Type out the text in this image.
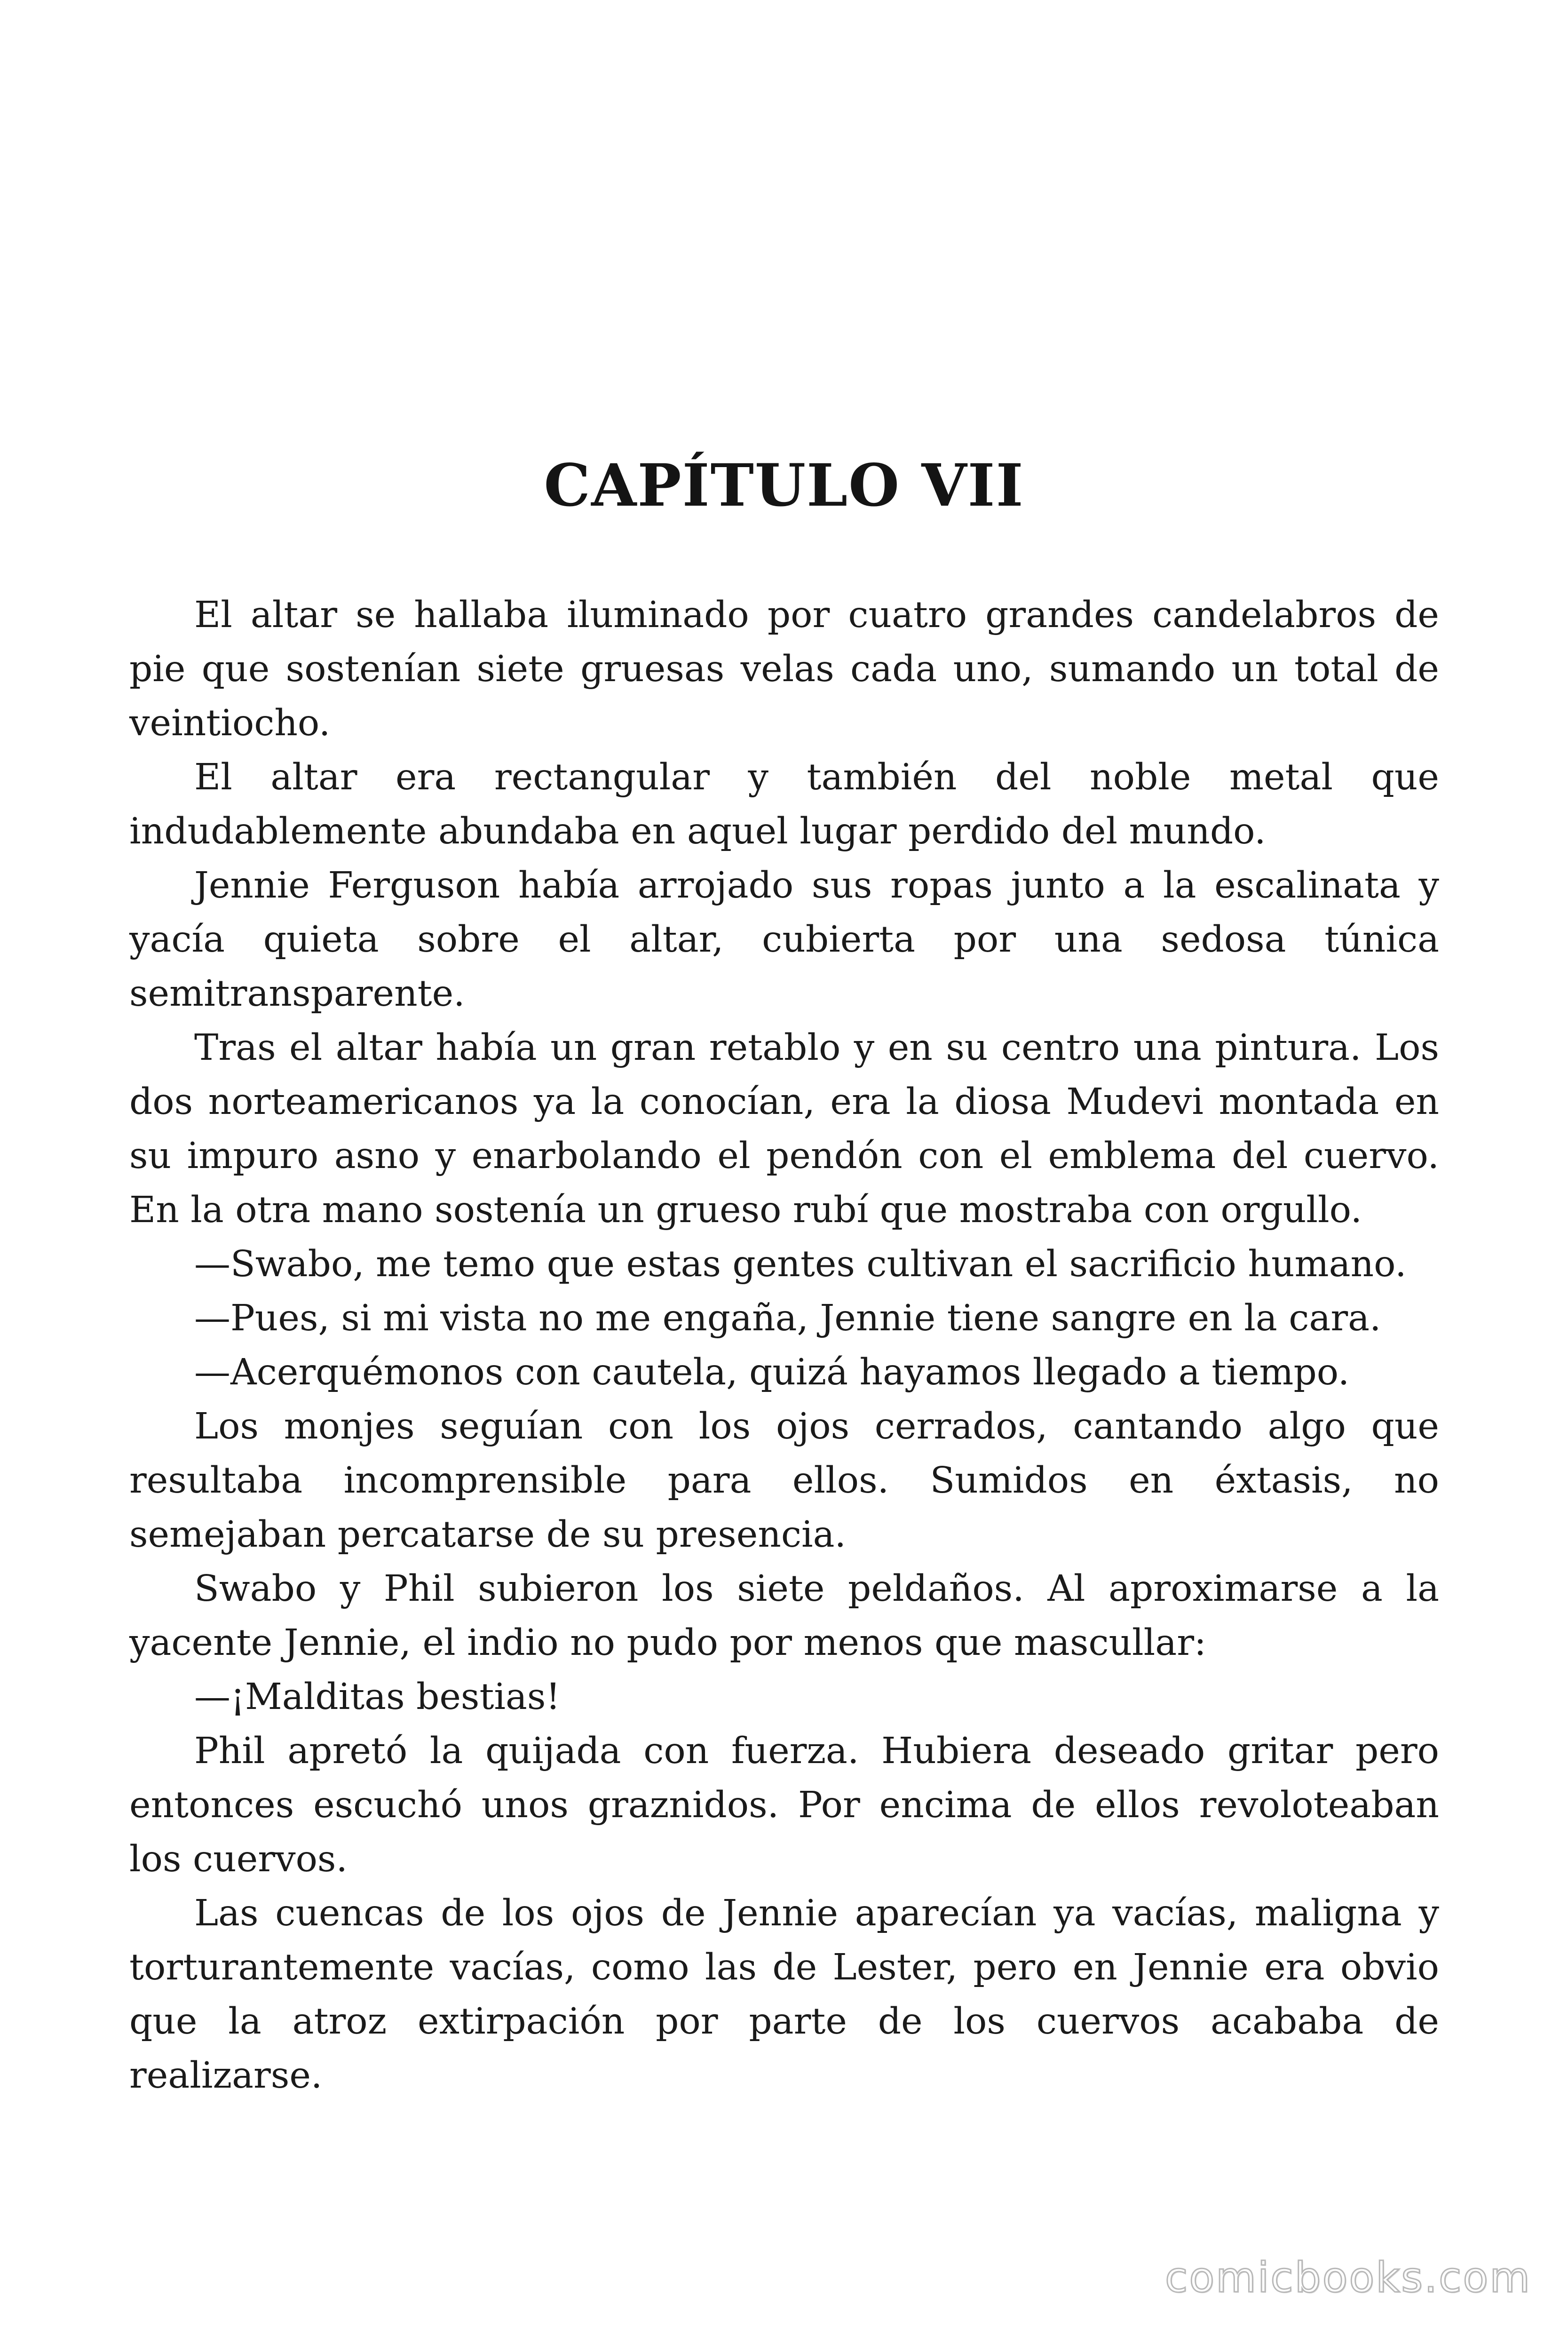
CAPÍTULO VII

El altar se hallaba iluminado por cuatro grandes candelabros de pie que sostenían siete gruesas velas cada uno, sumando un total de veintiocho.

El altar era rectangular y también del noble metal que indudablemente abundaba en aquel lugar perdido del mundo.

Jennie Ferguson había arrojado sus ropas junto a la escalinata y yacía quieta sobre el altar, cubierta por una sedosa túnica semitransparente.

Tras el altar había un gran retablo y en su centro una pintura. Los dos norteamericanos ya la conocían, era la diosa Mudevi montada en su impuro asno y enarbolando el pendón con el emblema del cuervo. En la otra mano sostenía un grueso rubí que mostraba con orgullo.

—Swabo, me temo que estas gentes cultivan el sacrificio humano.

—Pues, si mi vista no me engaña, Jennie tiene sangre en la cara.

—Acerquémonos con cautela, quizá hayamos llegado a tiempo.

Los monjes seguían con los ojos cerrados, cantando algo que resultaba incomprensible para ellos. Sumidos en éxtasis, no semejaban percatarse de su presencia.

Swabo y Phil subieron los siete peldaños. Al aproximarse a la yacente Jennie, el indio no pudo por menos que mascullar:

—¡Malditas bestias!

Phil apretó la quijada con fuerza. Hubiera deseado gritar pero entonces escuchó unos graznidos. Por encima de ellos revoloteaban los cuervos.

Las cuencas de los ojos de Jennie aparecían ya vacías, maligna y torturantemente vacías, como las de Lester, pero en Jennie era obvio que la atroz extirpación por parte de los cuervos acababa de realizarse.

comicbooks.com
